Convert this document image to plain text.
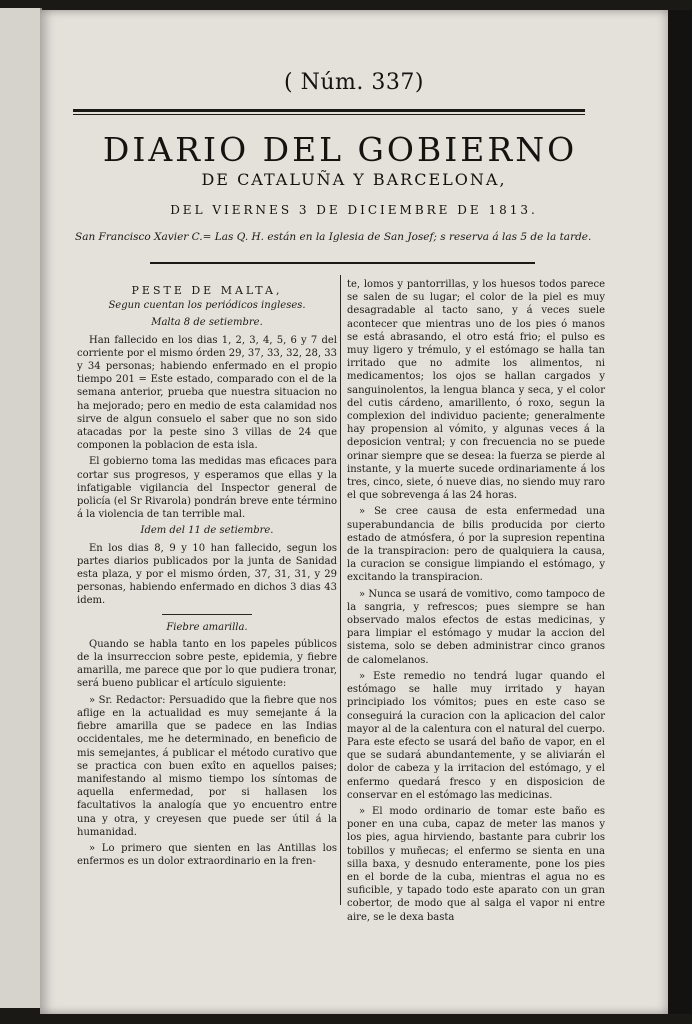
( Núm. 337)
DIARIO DEL GOBIERNO
DE CATALUÑA Y BARCELONA,
DEL VIERNES 3 DE DICIEMBRE DE 1813.
San Francisco Xavier C.= Las Q. H. están en la Iglesia de San Josef; s reserva á las 5 de la tarde.
PESTE DE MALTA,
Segun cuentan los periódicos ingleses.
Malta 8 de setiembre.

Han fallecido en los dias 1, 2, 3, 4, 5, 6 y 7 del corriente por el mismo órden 29, 37, 33, 32, 28, 33 y 34 personas; habiendo enfermado en el propio tiempo 201 = Este estado, comparado con el de la semana anterior, prueba que nuestra situacion no ha mejorado; pero en medio de esta calamidad nos sirve de algun consuelo el saber que no son sido atacadas por la peste sino 3 villas de 24 que componen la poblacion de esta isla.

El gobierno toma las medidas mas eficaces para cortar sus progresos, y esperamos que ellas y la infatigable vigilancia del Inspector general de policía (el Sr Rivarola) pondrán breve ente término á la violencia de tan terrible mal.

Idem del 11 de setiembre.

En los dias 8, 9 y 10 han fallecido, segun los partes diarios publicados por la junta de Sanidad esta plaza, y por el mismo órden, 37, 31, 31, y 29 personas, habiendo enfermado en dichos 3 dias 43 idem.

Fiebre amarilla.

Quando se habla tanto en los papeles públicos de la insurreccion sobre peste, epidemia, y fiebre amarilla, me parece que por lo que pudiera tronar, será bueno publicar el artículo siguiente:

» Sr. Redactor: Persuadido que la fiebre que nos aflige en la actualidad es muy semejante á la fiebre amarilla que se padece en las Indias occidentales, me he determinado, en beneficio de mis semejantes, á publicar el método curativo que se practica con buen exîto en aquellos paises; manifestando al mismo tiempo los síntomas de aquella enfermedad, por si hallasen los facultativos la analogía que yo encuentro entre una y otra, y creyesen que puede ser útil á la humanidad.

» Lo primero que sienten en las Antillas los enfermos es un dolor extraordinario en la fren-

te, lomos y pantorrillas, y los huesos todos parece se salen de su lugar; el color de la piel es muy desagradable al tacto sano, y á veces suele acontecer que mientras uno de los pies ó manos se está abrasando, el otro está frio; el pulso es muy ligero y trémulo, y el estómago se halla tan irritado que no admite los alimentos, ni medicamentos; los ojos se hallan cargados y sanguinolentos, la lengua blanca y seca, y el color del cutis cárdeno, amarillento, ó roxo, segun la complexion del individuo paciente; generalmente hay propension al vómito, y algunas veces á la deposicion ventral; y con frecuencia no se puede orinar siempre que se desea: la fuerza se pierde al instante, y la muerte sucede ordinariamente á los tres, cinco, siete, ó nueve dias, no siendo muy raro el que sobrevenga á las 24 horas.

» Se cree causa de esta enfermedad una superabundancia de bilis producida por cierto estado de atmósfera, ó por la supresion repentina de la transpiracion: pero de qualquiera la causa, la curacion se consigue limpiando el estómago, y excitando la transpiracion.

» Nunca se usará de vomitivo, como tampoco de la sangria, y refrescos; pues siempre se han observado malos efectos de estas medicinas, y para limpiar el estómago y mudar la accion del sistema, solo se deben administrar cinco granos de calomelanos.

» Este remedio no tendrá lugar quando el estómago se halle muy irritado y hayan principiado los vómitos; pues en este caso se conseguirá la curacion con la aplicacion del calor mayor al de la calentura con el natural del cuerpo. Para este efecto se usará del baño de vapor, en el que se sudará abundantemente, y se aliviarán el dolor de cabeza y la irritacion del estómago, y el enfermo quedará fresco y en disposicion de conservar en el estómago las medicinas.

» El modo ordinario de tomar este baño es poner en una cuba, capaz de meter las manos y los pies, agua hirviendo, bastante para cubrir los tobillos y muñecas; el enfermo se sienta en una silla baxa, y desnudo enteramente, pone los pies en el borde de la cuba, mientras el agua no es suficible, y tapado todo este aparato con un gran cobertor, de modo que al salga el vapor ni entre aire, se le dexa basta
